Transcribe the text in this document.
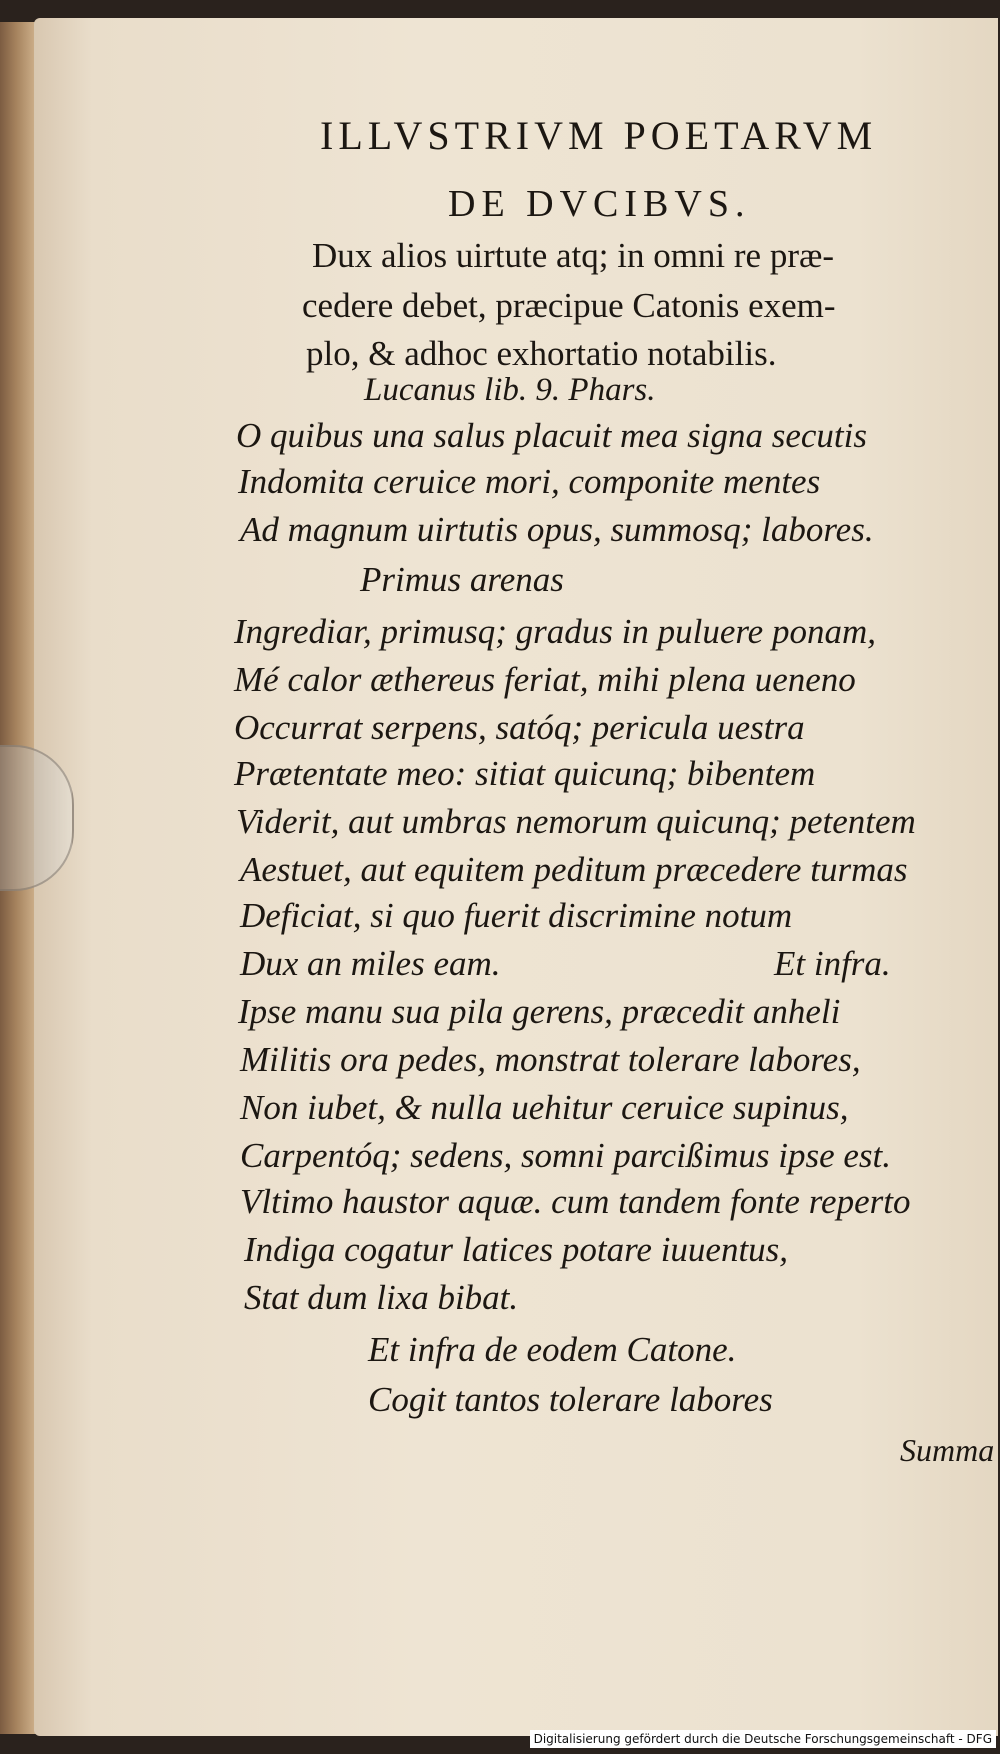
ILLVSTRIVM POETARVM
DE DVCIBVS.
Dux alios uirtute atq; in omni re præ-
cedere debet, præcipue Catonis exem-
plo, & adhoc exhortatio notabilis.
Lucanus lib. 9. Phars.
O quibus una salus placuit mea signa secutis
Indomita ceruice mori, componite mentes
Ad magnum uirtutis opus, summosq; labores.
Primus arenas
Ingrediar, primusq; gradus in puluere ponam,
Mé calor æthereus feriat, mihi plena ueneno
Occurrat serpens, satóq; pericula uestra
Prætentate meo: sitiat quicunq; bibentem
Viderit, aut umbras nemorum quicunq; petentem
Aestuet, aut equitem peditum præcedere turmas
Deficiat, si quo fuerit discrimine notum
Dux an miles eam.	Et infra.
Ipse manu sua pila gerens, præcedit anheli
Militis ora pedes, monstrat tolerare labores,
Non iubet, & nulla uehitur ceruice supinus,
Carpentóq; sedens, somni parcißimus ipse est.
Vltimo haustor aquæ. cum tandem fonte reperto
Indiga cogatur latices potare iuuentus,
Stat dum lixa bibat.
Et infra de eodem Catone.
Cogit tantos tolerare labores
Summa
Digitalisierung gefördert durch die Deutsche Forschungsgemeinschaft - DFG
